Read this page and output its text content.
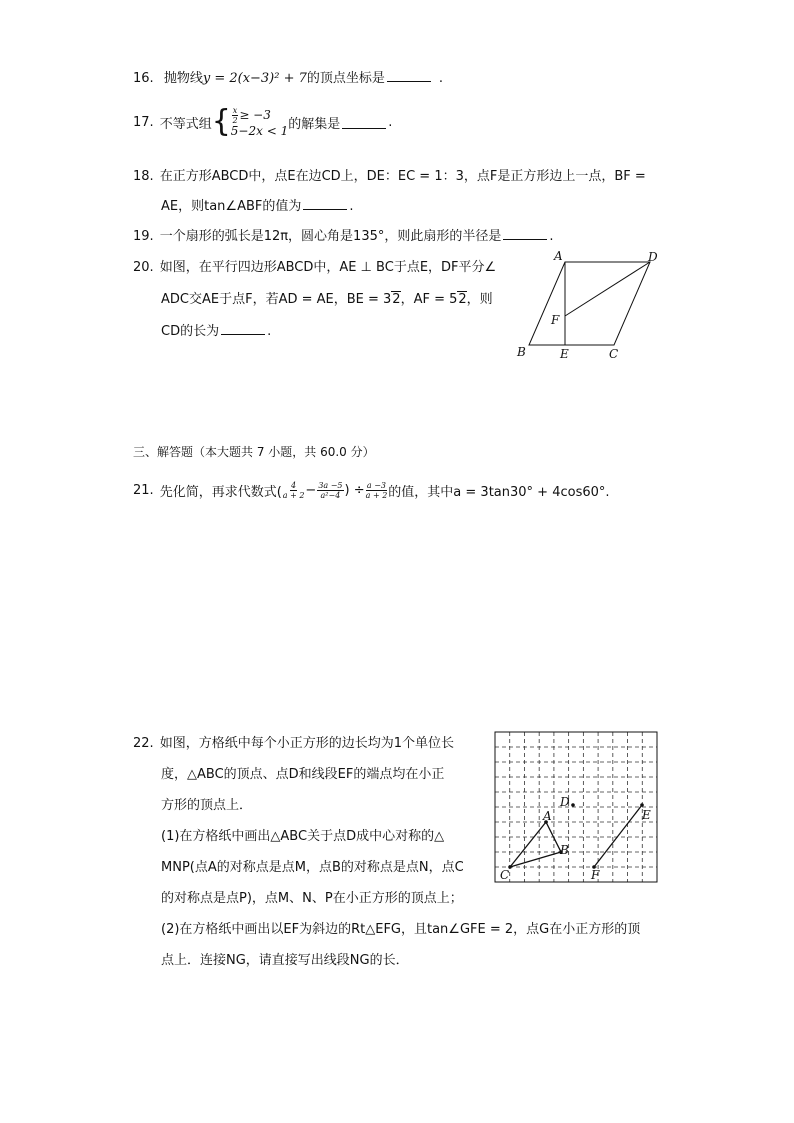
16. 抛物线y = 2(x−3)² + 7的顶点坐标是	.
17. 不等式组 { $\frac{x}{2} \ge -3$
5−2x < 1 的解集是	.
18. 在正方形ABCD中，点E在边CD上，DE：EC = 1：3，点F是正方形边上一点，BF =
AE，则tan∠ABF的值为	.
19. 一个扇形的弧长是12π，圆心角是135°，则此扇形的半径是	.
20. 如图，在平行四边形ABCD中，AE ⊥ BC于点E，DF平分∠
ADC交AE于点F，若AD = AE，BE = 32，AF = 52，则
CD的长为	.
A	D
F
B	E	C
三、解答题（本大题共 7 小题，共 60.0 分）
21. 先化简，再求代数式( $\frac{4}{a + 2} - \frac{3a -5}{\text{a²−4}}$ ) ÷ $\frac{a -3}{a + 2}$ 的值，其中a = 3tan30° + 4cos60°.
22. 如图，方格纸中每个小正方形的边长均为1个单位长
度，△ABC的顶点、点D和线段EF的端点均在小正
方形的顶点上．
(1)在方格纸中画出△ABC关于点D成中心对称的△
MNP(点A的对称点是点M，点B的对称点是点N，点C
的对称点是点P)，点M、N、P在小正方形的顶点上；
(2)在方格纸中画出以EF为斜边的Rt△EFG，且tan∠GFE = 2，点G在小正方形的顶
点上．连接NG，请直接写出线段NG的长．
D
A	E
B
C	F
